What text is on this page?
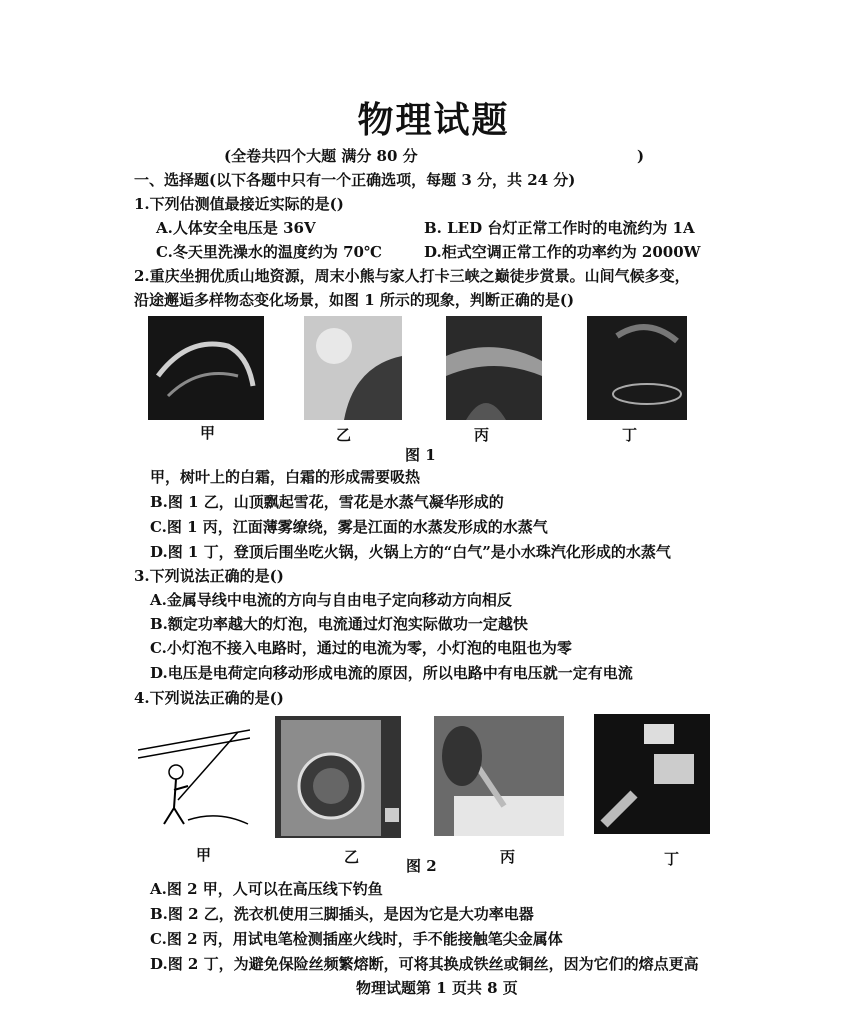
物理试题
(全卷共四个大题 满分 80 分	)
一、选择题(以下各题中只有一个正确选项，每题 3 分，共 24 分)
1.下列估测值最接近实际的是()
A.人体安全电压是 36V	B. LED 台灯正常工作时的电流约为 1A
C.冬天里洗澡水的温度约为 70℃	D.柜式空调正常工作的功率约为 2000W
2.重庆坐拥优质山地资源，周末小熊与家人打卡三峡之巅徒步赏景。山间气候多变，
沿途邂逅多样物态变化场景，如图 1 所示的现象，判断正确的是()
甲	乙	丙	丁
图 1
甲，树叶上的白霜，白霜的形成需要吸热
B.图 1 乙，山顶飘起雪花，雪花是水蒸气凝华形成的
C.图 1 丙，江面薄雾缭绕，雾是江面的水蒸发形成的水蒸气
D.图 1 丁，登顶后围坐吃火锅，火锅上方的“白气”是小水珠汽化形成的水蒸气
3.下列说法正确的是()
A.金属导线中电流的方向与自由电子定向移动方向相反
B.额定功率越大的灯泡，电流通过灯泡实际做功一定越快
C.小灯泡不接入电路时，通过的电流为零，小灯泡的电阻也为零
D.电压是电荷定向移动形成电流的原因，所以电路中有电压就一定有电流
4.下列说法正确的是()
甲	乙	图 2	丙	丁
A.图 2 甲，人可以在高压线下钓鱼
B.图 2 乙，洗衣机使用三脚插头，是因为它是大功率电器
C.图 2 丙，用试电笔检测插座火线时，手不能接触笔尖金属体
D.图 2 丁，为避免保险丝频繁熔断，可将其换成铁丝或铜丝，因为它们的熔点更高
物理试题第 1 页共 8 页
